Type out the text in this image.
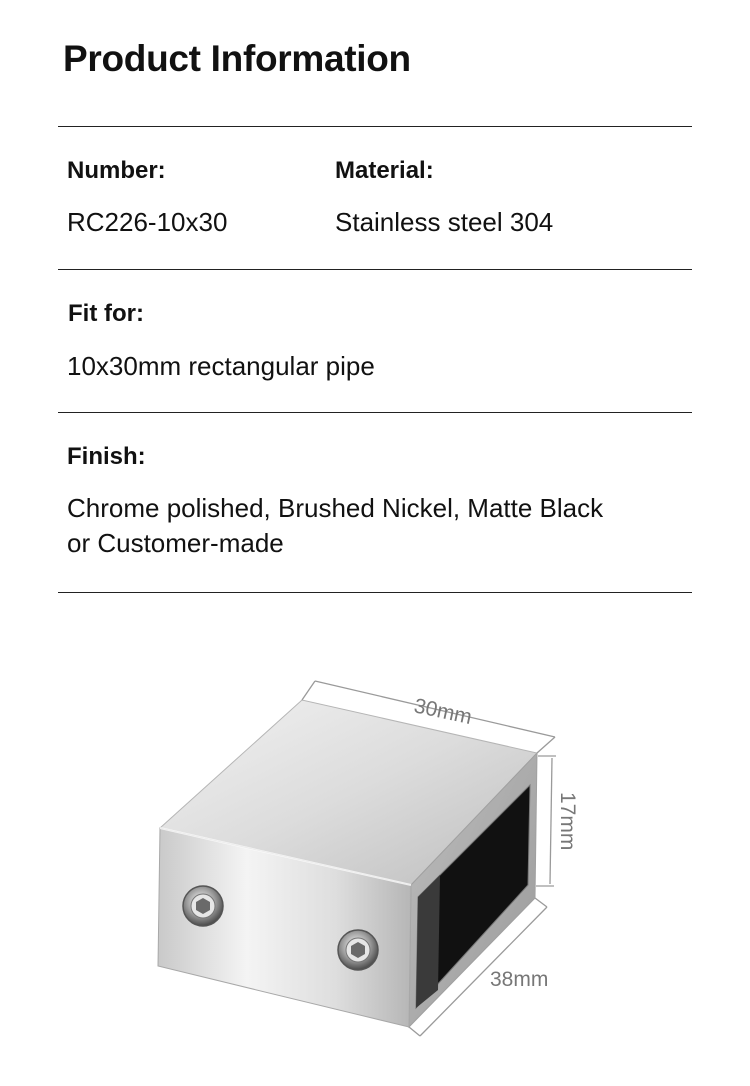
Product Information
Number:	Material:
RC226-10x30	Stainless steel 304
Fit for:
10x30mm rectangular pipe
Finish:
Chrome polished, Brushed Nickel, Matte Black
or Customer-made
30mm
17mm
38mm
